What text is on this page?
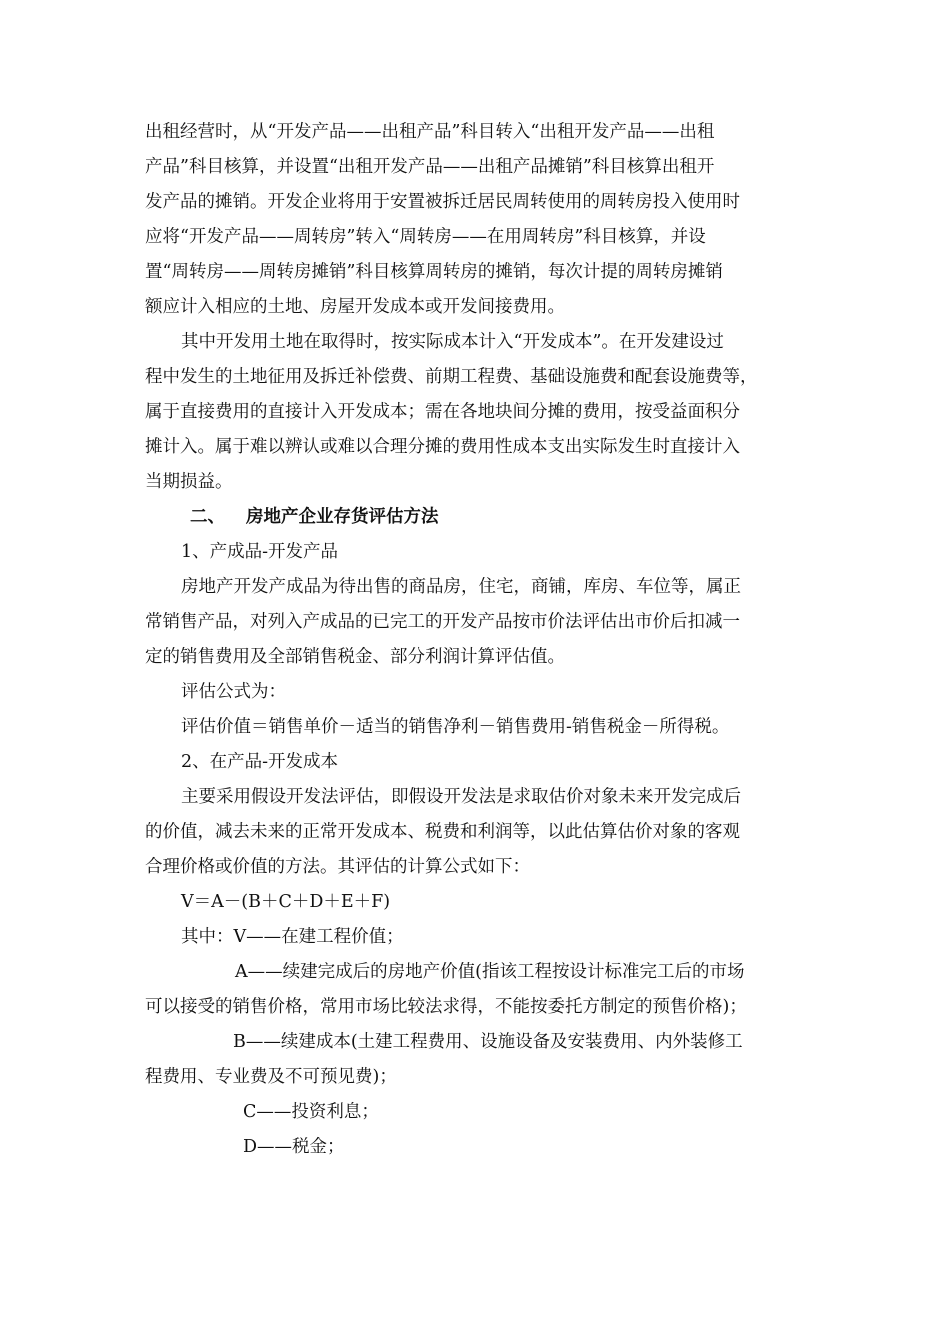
出租经营时，从“开发产品——出租产品”科目转入“出租开发产品——出租
产品”科目核算，并设置“出租开发产品——出租产品摊销”科目核算出租开
发产品的摊销。开发企业将用于安置被拆迁居民周转使用的周转房投入使用时
应将“开发产品——周转房”转入“周转房——在用周转房”科目核算，并设
置“周转房——周转房摊销”科目核算周转房的摊销，每次计提的周转房摊销
额应计入相应的土地、房屋开发成本或开发间接费用。
其中开发用土地在取得时，按实际成本计入“开发成本”。在开发建设过
程中发生的土地征用及拆迁补偿费、前期工程费、基础设施费和配套设施费等，
属于直接费用的直接计入开发成本；需在各地块间分摊的费用，按受益面积分
摊计入。属于难以辨认或难以合理分摊的费用性成本支出实际发生时直接计入
当期损益。
二、 房地产企业存货评估方法
1、产成品-开发产品
房地产开发产成品为待出售的商品房，住宅，商铺，库房、车位等，属正
常销售产品，对列入产成品的已完工的开发产品按市价法评估出市价后扣减一
定的销售费用及全部销售税金、部分利润计算评估值。
评估公式为：
评估价值＝销售单价－适当的销售净利－销售费用-销售税金－所得税。
2、在产品-开发成本
主要采用假设开发法评估，即假设开发法是求取估价对象未来开发完成后
的价值，减去未来的正常开发成本、税费和利润等，以此估算估价对象的客观
合理价格或价值的方法。其评估的计算公式如下：
V＝A－(B＋C＋D＋E＋F)
其中：V——在建工程价值；
A——续建完成后的房地产价值(指该工程按设计标准完工后的市场
可以接受的销售价格，常用市场比较法求得，不能按委托方制定的预售价格)；
B——续建成本(土建工程费用、设施设备及安装费用、内外装修工
程费用、专业费及不可预见费)；
C——投资利息；
D——税金；
